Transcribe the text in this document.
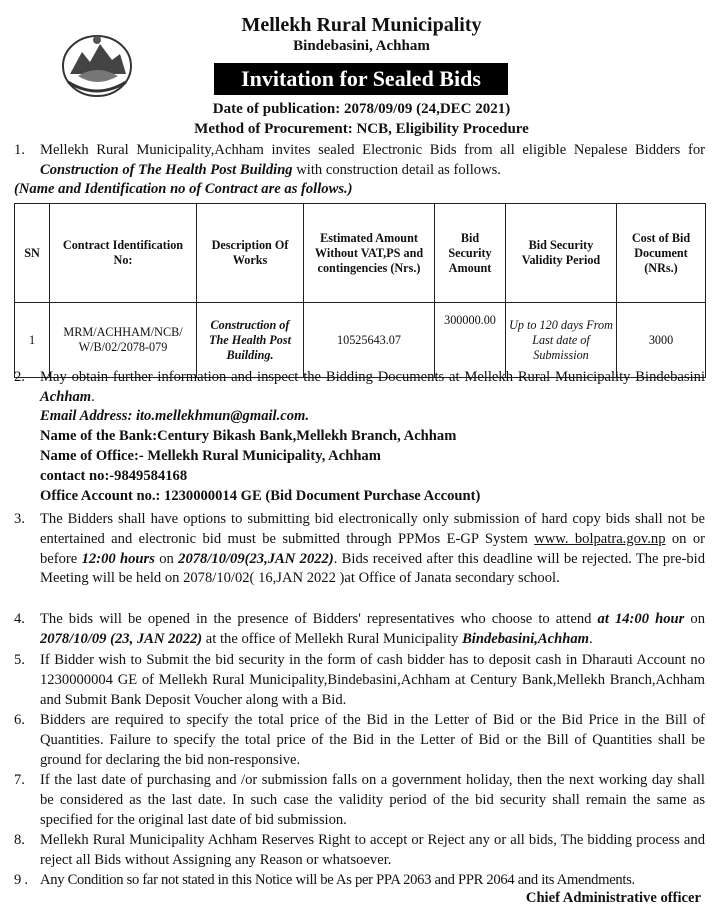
Mellekh Rural Municipality
Bindebasini, Achham
Invitation for Sealed Bids
Date of publication: 2078/09/09 (24,DEC 2021)
Method of Procurement: NCB, Eligibility Procedure
1. Mellekh Rural Municipality,Achham invites sealed Electronic Bids from all eligible Nepalese Bidders for Construction of The Health Post Building with construction detail as follows.
(Name and Identification no of Contract are as follows.)
SN	Contract Identification No:	Description Of Works	Estimated Amount Without VAT,PS and contingencies (Nrs.)	Bid Security Amount	Bid Security Validity Period	Cost of Bid Document (NRs.)
1	MRM/ACHHAM/NCB/ W/B/02/2078-079	Construction of The Health Post Building.	10525643.07	300000.00	Up to 120 days From Last date of Submission	3000
2. May obtain further information and inspect the Bidding Documents at Mellekh Rural Municipality Bindebasini Achham.
Email Address: ito.mellekhmun@gmail.com.
Name of the Bank:Century Bikash Bank,Mellekh Branch, Achham
Name of Office:- Mellekh Rural Municipality, Achham
contact no:-9849584168
Office Account no.: 1230000014 GE (Bid Document Purchase Account)
3. The Bidders shall have options to submitting bid electronically only submission of hard copy bids shall not be entertained and electronic bid must be submitted through PPMos E-GP System www. bolpatra.gov.np on or before 12:00 hours on 2078/10/09(23,JAN 2022). Bids received after this deadline will be rejected. The pre-bid Meeting will be held on 2078/10/02( 16,JAN 2022 )at Office of Janata secondary school.
4. The bids will be opened in the presence of Bidders' representatives who choose to attend at 14:00 hour on 2078/10/09 (23, JAN 2022) at the office of Mellekh Rural Municipality Bindebasini,Achham.
5. If Bidder wish to Submit the bid security in the form of cash bidder has to deposit cash in Dharauti Account no 1230000004 GE of Mellekh Rural Municipality,Bindebasini,Achham at Century Bank,Mellekh Branch,Achham and Submit Bank Deposit Voucher along with a Bid.
6. Bidders are required to specify the total price of the Bid in the Letter of Bid or the Bid Price in the Bill of Quantities. Failure to specify the total price of the Bid in the Letter of Bid or the Bill of Quantities shall be ground for declaring the bid non-responsive.
7. If the last date of purchasing and /or submission falls on a government holiday, then the next working day shall be considered as the last date. In such case the validity period of the bid security shall remain the same as specified for the original last date of bid submission.
8. Mellekh Rural Municipality Achham Reserves Right to accept or Reject any or all bids, The bidding process and reject all Bids without Assigning any Reason or whatsoever.
9 . Any Condition so far not stated in this Notice will be As per PPA 2063 and PPR 2064 and its Amendments.
Chief Administrative officer
